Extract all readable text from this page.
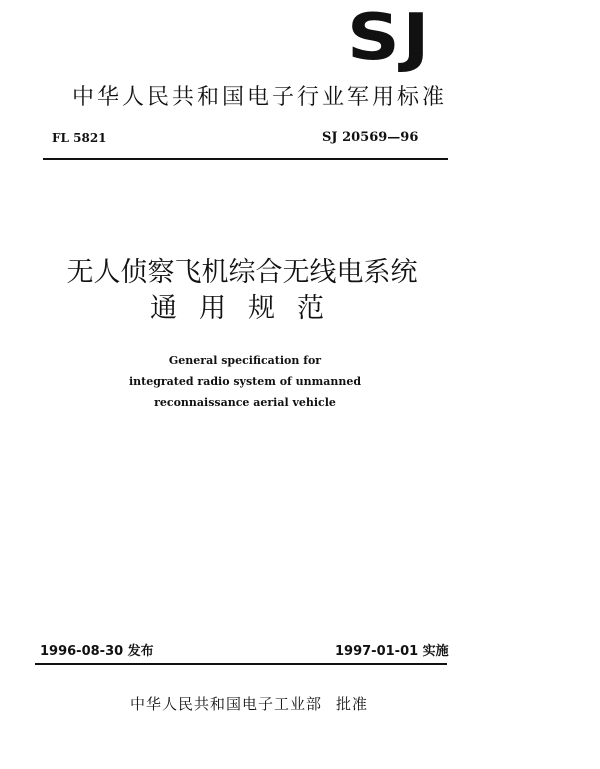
SJ
中华人民共和国电子行业军用标准
FL 5821	SJ 20569—96
无人侦察飞机综合无线电系统
通用规范
General specification for
integrated radio system of unmanned
reconnaissance aerial vehicle
1996-08-30 发布	1997-01-01 实施
中华人民共和国电子工业部 批准
